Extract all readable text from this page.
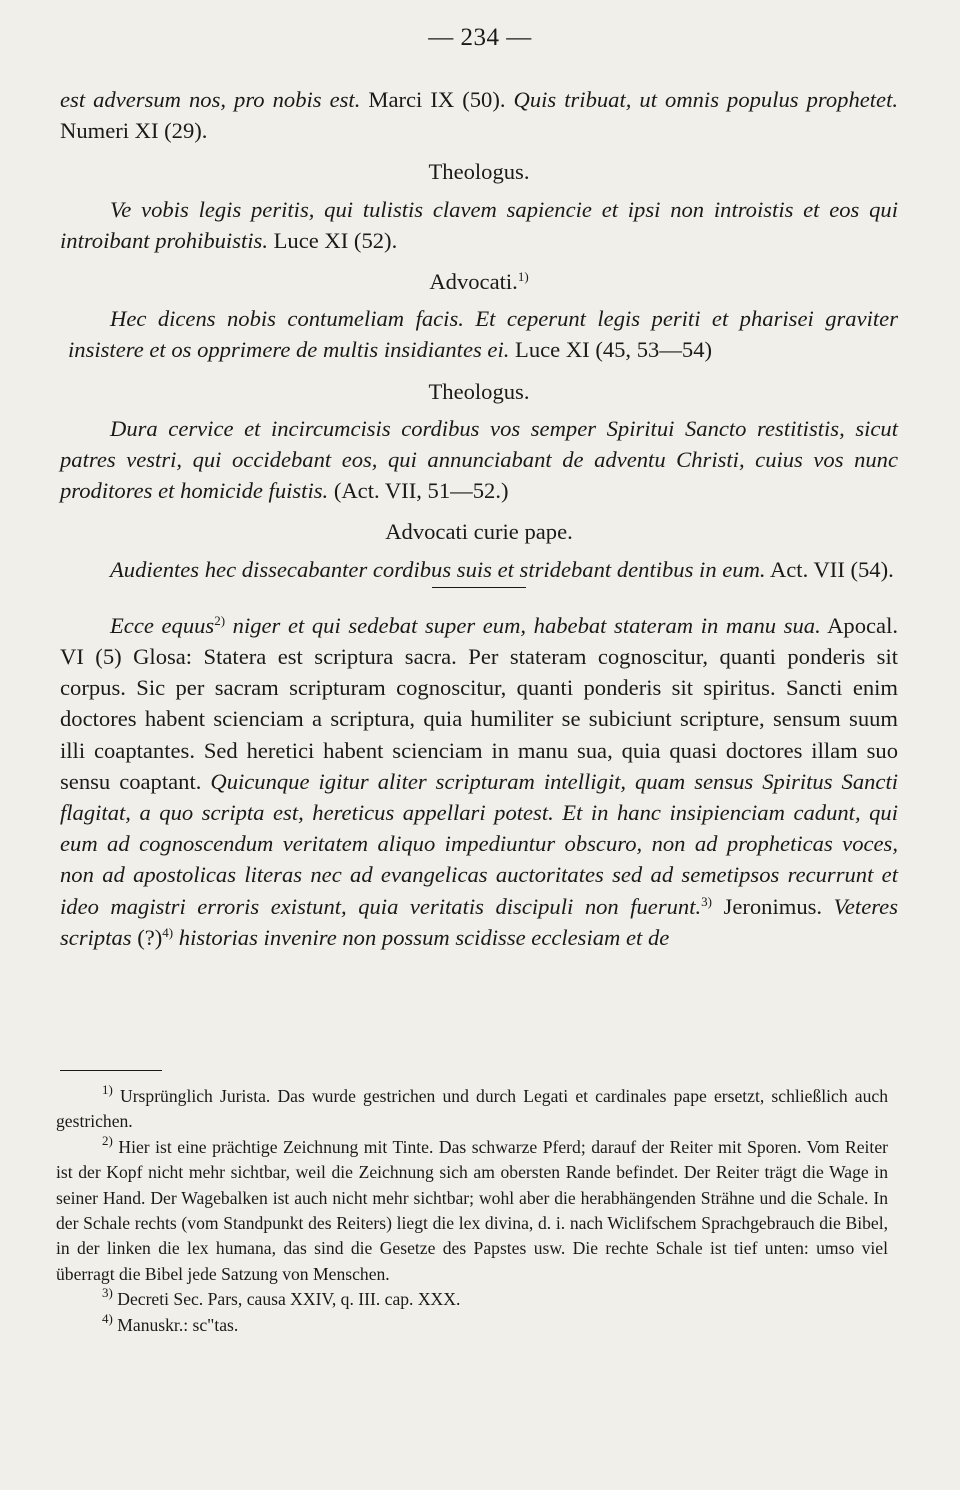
— 234 —

est adversum nos, pro nobis est. Marci IX (50). Quis tribuat, ut omnis populus prophetet. Numeri XI (29).

Theologus.

Ve vobis legis peritis, qui tulistis clavem sapiencie et ipsi non introistis et eos qui introibant prohibuistis. Luce XI (52).

Advocati.$^{1)}$

Hec dicens nobis contumeliam facis. Et ceperunt legis periti et pharisei graviter insistere et os opprimere de multis insidiantes ei. Luce XI (45, 53—54)

Theologus.

Dura cervice et incircumcisis cordibus vos semper Spiritui Sancto restitistis, sicut patres vestri, qui occidebant eos, qui annunciabant de adventu Christi, cuius vos nunc proditores et homicide fuistis. (Act. VII, 51—52.)

Advocati curie pape.

Audientes hec dissecabanter cordibus suis et stridebant dentibus in eum. Act. VII (54).

Ecce equus$^{2)}$ niger et qui sedebat super eum, habebat stateram in manu sua. Apocal. VI (5) Glosa: Statera est scriptura sacra. Per stateram cognoscitur, quanti ponderis sit corpus. Sic per sacram scripturam cognoscitur, quanti ponderis sit spiritus. Sancti enim doctores habent scienciam a scriptura, quia humiliter se subiciunt scripture, sensum suum illi coaptantes. Sed heretici habent scienciam in manu sua, quia quasi doctores illam suo sensu coaptant. Quicunque igitur aliter scripturam intelligit, quam sensus Spiritus Sancti flagitat, a quo scripta est, hereticus appellari potest. Et in hanc insipienciam cadunt, qui eum ad cognoscendum veritatem aliquo impediuntur obscuro, non ad propheticas voces, non ad apostolicas literas nec ad evangelicas auctoritates sed ad semetipsos recurrunt et ideo magistri erroris existunt, quia veritatis discipuli non fuerunt.$^{3)}$ Jeronimus. Veteres scriptas (?)$^{4)}$ historias invenire non possum scidisse ecclesiam et de

$^{1)}$ Ursprünglich Jurista. Das wurde gestrichen und durch Legati et cardinales pape ersetzt, schließlich auch gestrichen.

$^{2)}$ Hier ist eine prächtige Zeichnung mit Tinte. Das schwarze Pferd; darauf der Reiter mit Sporen. Vom Reiter ist der Kopf nicht mehr sichtbar, weil die Zeichnung sich am obersten Rande befindet. Der Reiter trägt die Wage in seiner Hand. Der Wagebalken ist auch nicht mehr sichtbar; wohl aber die herabhängenden Strähne und die Schale. In der Schale rechts (vom Standpunkt des Reiters) liegt die lex divina, d. i. nach Wiclifschem Sprachgebrauch die Bibel, in der linken die lex humana, das sind die Gesetze des Papstes usw. Die rechte Schale ist tief unten: umso viel überragt die Bibel jede Satzung von Menschen.

$^{3)}$ Decreti Sec. Pars, causa XXIV, q. III. cap. XXX.

$^{4)}$ Manuskr.: sc"tas.
